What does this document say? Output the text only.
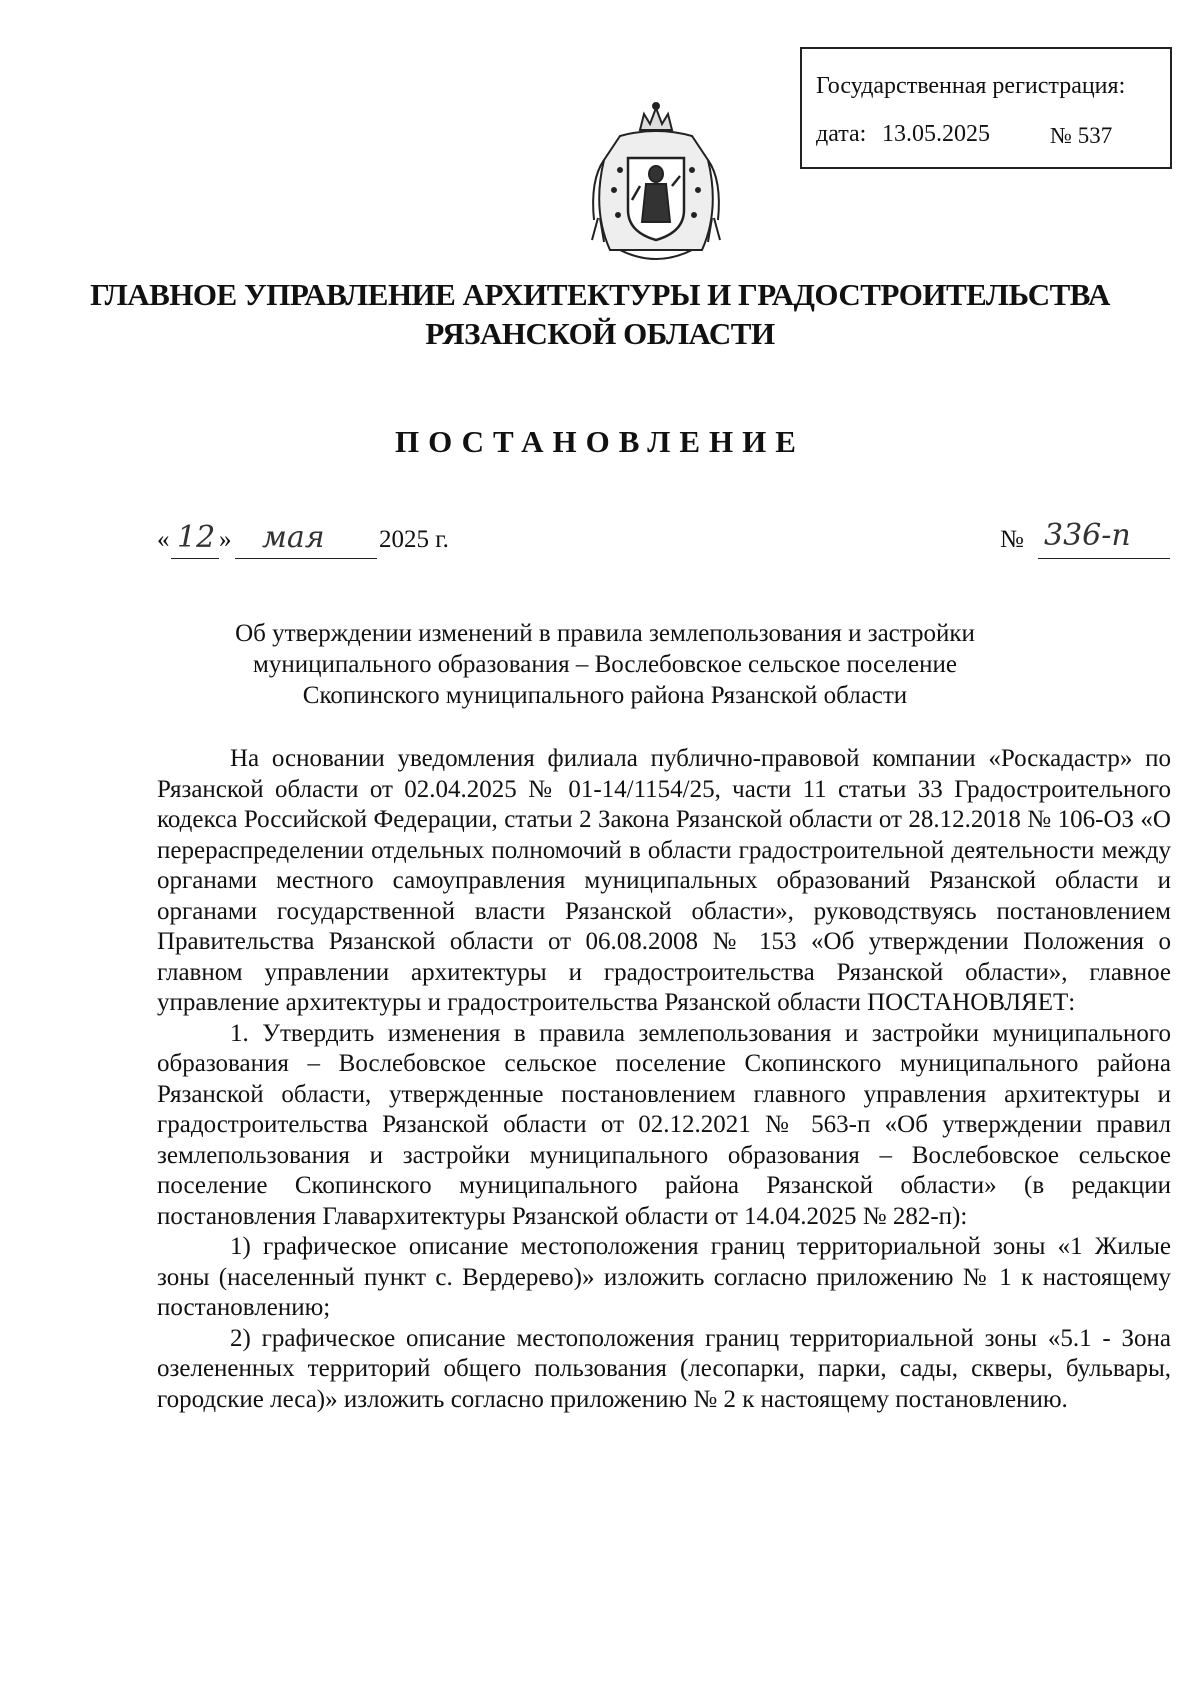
Государственная регистрация:
дата: 13.05.2025	№ 537
ГЛАВНОЕ УПРАВЛЕНИЕ АРХИТЕКТУРЫ И ГРАДОСТРОИТЕЛЬСТВА
РЯЗАНСКОЙ ОБЛАСТИ
ПОСТАНОВЛЕНИЕ
« 12 » мая 2025 г.	№ 336-п
Об утверждении изменений в правила землепользования и застройки
муниципального образования – Вослебовское сельское поселение
Скопинского муниципального района Рязанской области

На основании уведомления филиала публично-правовой компании «Роскадастр» по Рязанской области от 02.04.2025 № 01-14/1154/25, части 11 статьи 33 Градостроительного кодекса Российской Федерации, статьи 2 Закона Рязанской области от 28.12.2018 № 106-ОЗ «О перераспределении отдельных полномочий в области градостроительной деятельности между органами местного самоуправления муниципальных образований Рязанской области и органами государственной власти Рязанской области», руководствуясь постановлением Правительства Рязанской области от 06.08.2008 № 153 «Об утверждении Положения о главном управлении архитектуры и градостроительства Рязанской области», главное управление архитектуры и градостроительства Рязанской области ПОСТАНОВЛЯЕТ:

1. Утвердить изменения в правила землепользования и застройки муниципального образования – Вослебовское сельское поселение Скопинского муниципального района Рязанской области, утвержденные постановлением главного управления архитектуры и градостроительства Рязанской области от 02.12.2021 № 563-п «Об утверждении правил землепользования и застройки муниципального образования – Вослебовское сельское поселение Скопинского муниципального района Рязанской области» (в редакции постановления Главархитектуры Рязанской области от 14.04.2025 № 282-п):

1) графическое описание местоположения границ территориальной зоны «1 Жилые зоны (населенный пункт с. Вердерево)» изложить согласно приложению № 1 к настоящему постановлению;

2) графическое описание местоположения границ территориальной зоны «5.1 - Зона озелененных территорий общего пользования (лесопарки, парки, сады, скверы, бульвары, городские леса)» изложить согласно приложению № 2 к настоящему постановлению.
